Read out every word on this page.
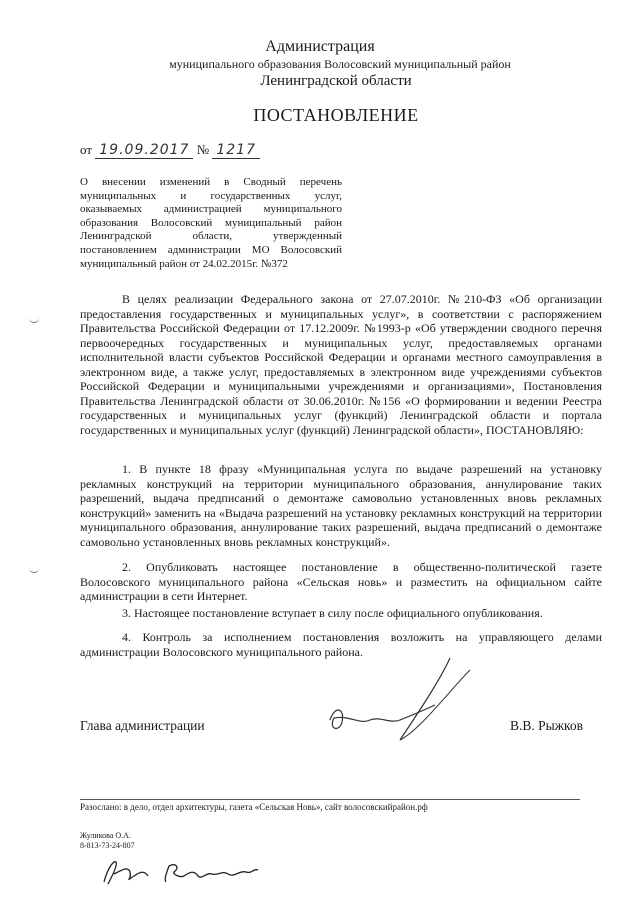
Администрация
муниципального образования Волосовский муниципальный район
Ленинградской области
ПОСТАНОВЛЕНИЕ
от 19.09.2017 № 1217
О внесении изменений в Сводный перечень муниципальных и государственных услуг, оказываемых администрацией муниципального образования Волосовский муниципальный район Ленинградской области, утвержденный постановлением администрации МО Волосовский муниципальный район от 24.02.2015г. №372
В целях реализации Федерального закона от 27.07.2010г. №210-ФЗ «Об организации предоставления государственных и муниципальных услуг», в соответствии с распоряжением Правительства Российской Федерации от 17.12.2009г. №1993-р «Об утверждении сводного перечня первоочередных государственных и муниципальных услуг, предоставляемых органами исполнительной власти субъектов Российской Федерации и органами местного самоуправления в электронном виде, а также услуг, предоставляемых в электронном виде учреждениями субъектов Российской Федерации и муниципальными учреждениями и организациями», Постановления Правительства Ленинградской области от 30.06.2010г. №156 «О формировании и ведении Реестра государственных и муниципальных услуг (функций) Ленинградской области и портала государственных и муниципальных услуг (функций) Ленинградской области», ПОСТАНОВЛЯЮ:
1. В пункте 18 фразу «Муниципальная услуга по выдаче разрешений на установку рекламных конструкций на территории муниципального образования, аннулирование таких разрешений, выдача предписаний о демонтаже самовольно установленных вновь рекламных конструкций» заменить на «Выдача разрешений на установку рекламных конструкций на территории муниципального образования, аннулирование таких разрешений, выдача предписаний о демонтаже самовольно установленных вновь рекламных конструкций».
2. Опубликовать настоящее постановление в общественно-политической газете Волосовского муниципального района «Сельская новь» и разместить на официальном сайте администрации в сети Интернет.
3. Настоящее постановление вступает в силу после официального опубликования.
4. Контроль за исполнением постановления возложить на управляющего делами администрации Волосовского муниципального района.
Глава администрации	В.В. Рыжков
Разослано: в дело, отдел архитектуры, газета «Сельская Новь», сайт волосовскийрайон.рф
Жуликова О.А.
8-813-73-24-807
